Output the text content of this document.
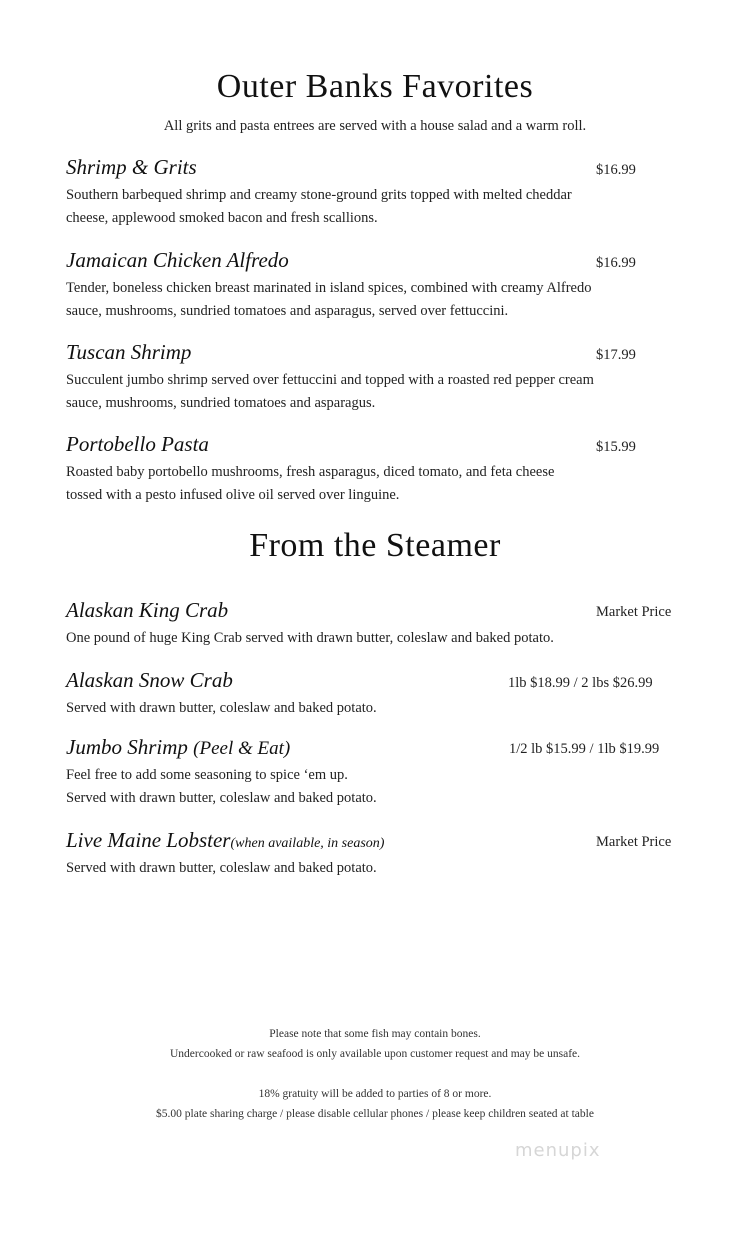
Outer Banks Favorites
All grits and pasta entrees are served with a house salad and a warm roll.
Shrimp & Grits
Southern barbequed shrimp and creamy stone-ground grits topped with melted cheddar
cheese, applewood smoked bacon and fresh scallions.
$16.99
Jamaican Chicken Alfredo
Tender, boneless chicken breast marinated in island spices, combined with creamy Alfredo
sauce, mushrooms, sundried tomatoes and asparagus, served over fettuccini.
$16.99
Tuscan Shrimp
Succulent jumbo shrimp served over fettuccini and topped with a roasted red pepper cream
sauce, mushrooms, sundried tomatoes and asparagus.
$17.99
Portobello Pasta
Roasted baby portobello mushrooms, fresh asparagus, diced tomato, and feta cheese
tossed with a pesto infused olive oil served over linguine.
$15.99
From the Steamer
Alaskan King Crab
One pound of huge King Crab served with drawn butter, coleslaw and baked potato.
Market Price
Alaskan Snow Crab
Served with drawn butter, coleslaw and baked potato.
1lb $18.99 / 2 lbs $26.99
Jumbo Shrimp (Peel & Eat)
Feel free to add some seasoning to spice ‘em up.
Served with drawn butter, coleslaw and baked potato.
1/2 lb $15.99 / 1lb $19.99
Live Maine Lobster(when available, in season)
Served with drawn butter, coleslaw and baked potato.
Market Price
Please note that some fish may contain bones.
Undercooked or raw seafood is only available upon customer request and may be unsafe.
18% gratuity will be added to parties of 8 or more.
$5.00 plate sharing charge / please disable cellular phones / please keep children seated at table
menupix
